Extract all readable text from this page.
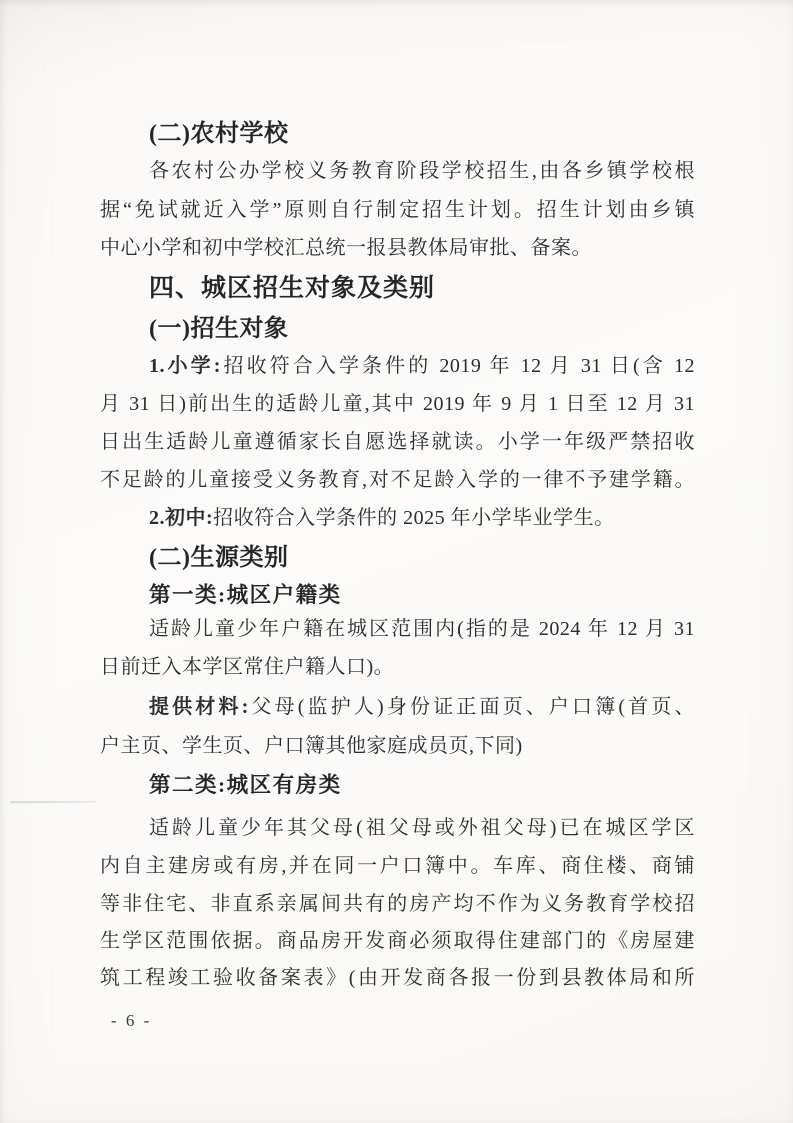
(二)农村学校
各农村公办学校义务教育阶段学校招生,由各乡镇学校根
据“免试就近入学”原则自行制定招生计划。招生计划由乡镇
中心小学和初中学校汇总统一报县教体局审批、备案。
四、城区招生对象及类别
(一)招生对象
1.小学:招收符合入学条件的 2019 年 12 月 31 日(含 12
月 31 日)前出生的适龄儿童,其中 2019 年 9 月 1 日至 12 月 31
日出生适龄儿童遵循家长自愿选择就读。小学一年级严禁招收
不足龄的儿童接受义务教育,对不足龄入学的一律不予建学籍。
2.初中:招收符合入学条件的 2025 年小学毕业学生。
(二)生源类别
第一类:城区户籍类
适龄儿童少年户籍在城区范围内(指的是 2024 年 12 月 31
日前迁入本学区常住户籍人口)。
提供材料:父母(监护人)身份证正面页、户口簿(首页、
户主页、学生页、户口簿其他家庭成员页,下同)
第二类:城区有房类
适龄儿童少年其父母(祖父母或外祖父母)已在城区学区
内自主建房或有房,并在同一户口簿中。车库、商住楼、商铺
等非住宅、非直系亲属间共有的房产均不作为义务教育学校招
生学区范围依据。商品房开发商必须取得住建部门的《房屋建
筑工程竣工验收备案表》(由开发商各报一份到县教体局和所
- 6 -
